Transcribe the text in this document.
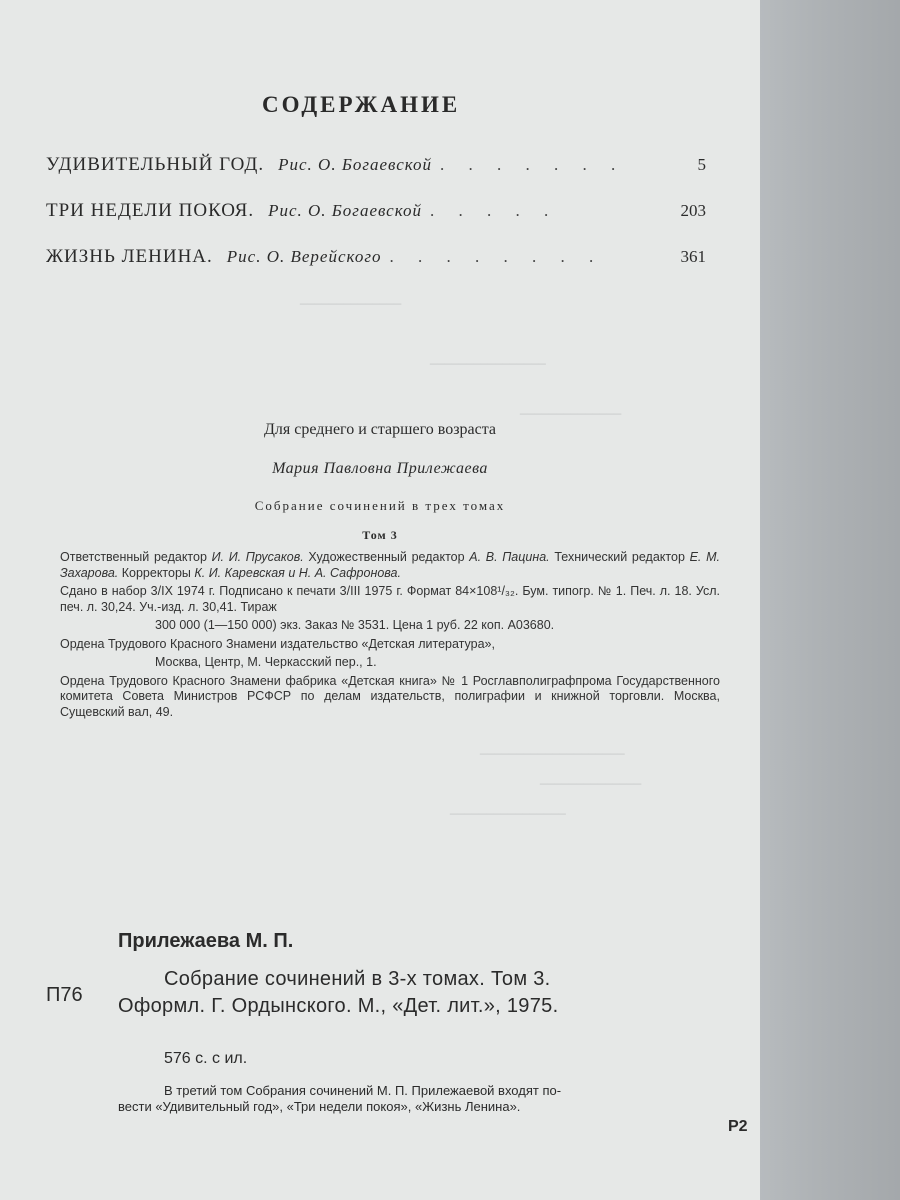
______________
________________
______________
____________________
______________
________________
СОДЕРЖАНИЕ
УДИВИТЕЛЬНЫЙ ГОД. Рис. О. Богаевской . . . . . . .	5
ТРИ НЕДЕЛИ ПОКОЯ. Рис. О. Богаевской . . . . .	203
ЖИЗНЬ ЛЕНИНА. Рис. О. Верейского . . . . . . . .	361
Для среднего и старшего возраста
Мария Павловна Прилежаева
Собрание сочинений в трех томах
Том 3

Ответственный редактор И. И. Прусаков. Художественный редактор А. В. Пацина. Технический редактор Е. М. Захарова. Корректоры К. И. Каревская и Н. А. Сафронова.

Сдано в набор 3/IX 1974 г. Подписано к печати 3/III 1975 г. Формат 84×108¹/₃₂. Бум. типогр. № 1. Печ. л. 18. Усл. печ. л. 30,24. Уч.-изд. л. 30,41. Тираж

300 000 (1—150 000) экз. Заказ № 3531. Цена 1 руб. 22 коп. А03680.

Ордена Трудового Красного Знамени издательство «Детская литература»,

Москва, Центр, М. Черкасский пер., 1.

Ордена Трудового Красного Знамени фабрика «Детская книга» № 1 Росглавполиграфпрома Государственного комитета Совета Министров РСФСР по делам издательств, полиграфии и книжной торговли. Москва, Сущевский вал, 49.

Прилежаева М. П.
П76
Собрание сочинений в 3-х томах. Том 3.
Оформл. Г. Ордынского. М., «Дет. лит.», 1975.
576 с. с ил.
В третий том Собрания сочинений М. П. Прилежаевой входят по-
вести «Удивительный год», «Три недели покоя», «Жизнь Ленина».
Р2
